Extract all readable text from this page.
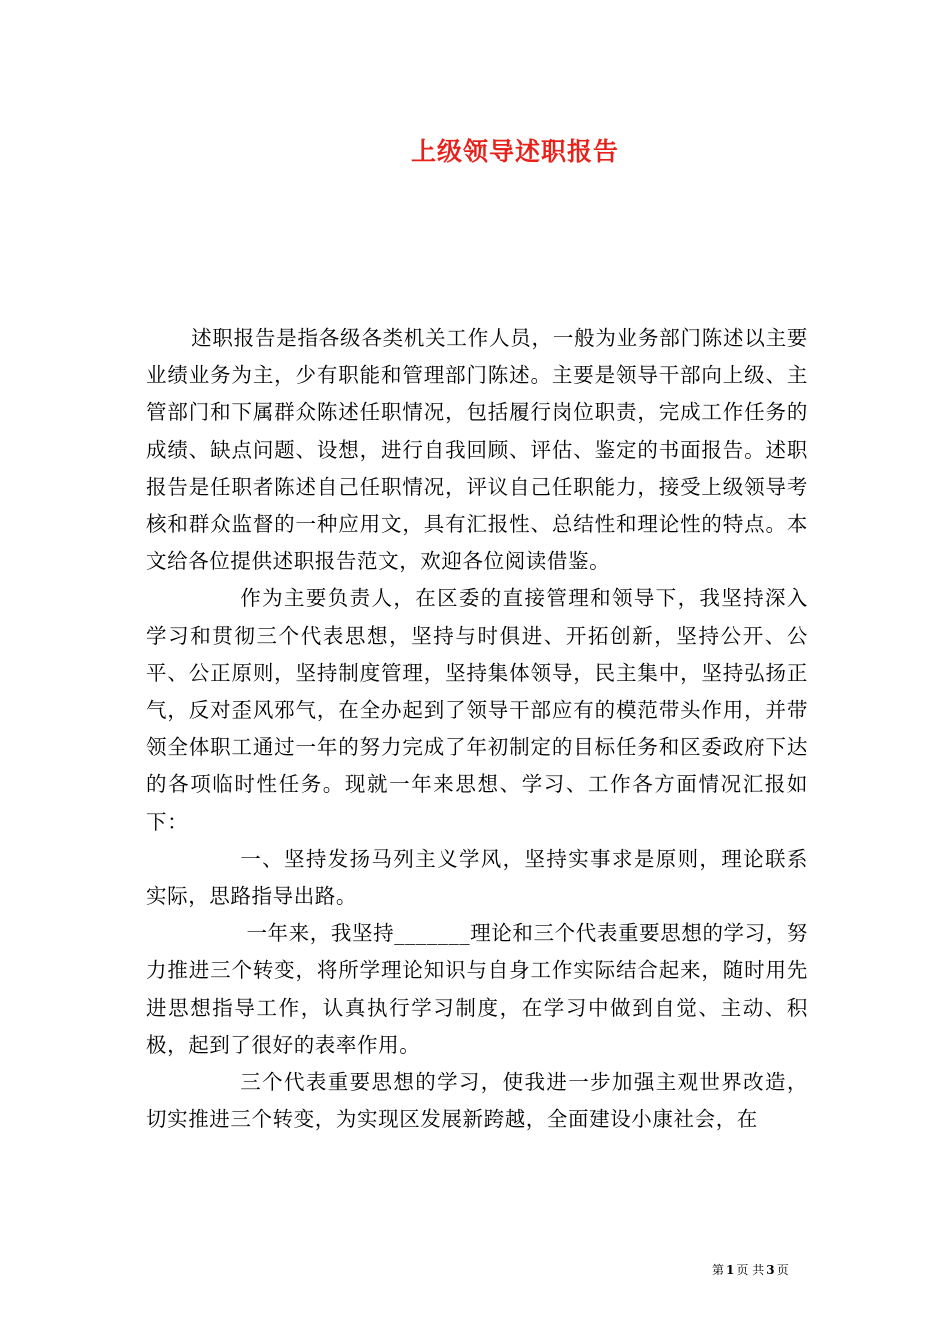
上级领导述职报告

述职报告是指各级各类机关工作人员，一般为业务部门陈述以主要业绩业务为主，少有职能和管理部门陈述。主要是领导干部向上级、主管部门和下属群众陈述任职情况，包括履行岗位职责，完成工作任务的成绩、缺点问题、设想，进行自我回顾、评估、鉴定的书面报告。述职报告是任职者陈述自己任职情况，评议自己任职能力，接受上级领导考核和群众监督的一种应用文，具有汇报性、总结性和理论性的特点。本文给各位提供述职报告范文，欢迎各位阅读借鉴。

作为主要负责人，在区委的直接管理和领导下，我坚持深入学习和贯彻三个代表思想，坚持与时俱进、开拓创新，坚持公开、公平、公正原则，坚持制度管理，坚持集体领导，民主集中，坚持弘扬正气，反对歪风邪气，在全办起到了领导干部应有的模范带头作用，并带领全体职工通过一年的努力完成了年初制定的目标任务和区委政府下达的各项临时性任务。现就一年来思想、学习、工作各方面情况汇报如下：

一、坚持发扬马列主义学风，坚持实事求是原则，理论联系实际，思路指导出路。

一年来，我坚持_______理论和三个代表重要思想的学习，努力推进三个转变，将所学理论知识与自身工作实际结合起来，随时用先进思想指导工作，认真执行学习制度，在学习中做到自觉、主动、积极，起到了很好的表率作用。

三个代表重要思想的学习，使我进一步加强主观世界改造，切实推进三个转变，为实现区发展新跨越，全面建设小康社会，在

第 1 页 共 3 页
